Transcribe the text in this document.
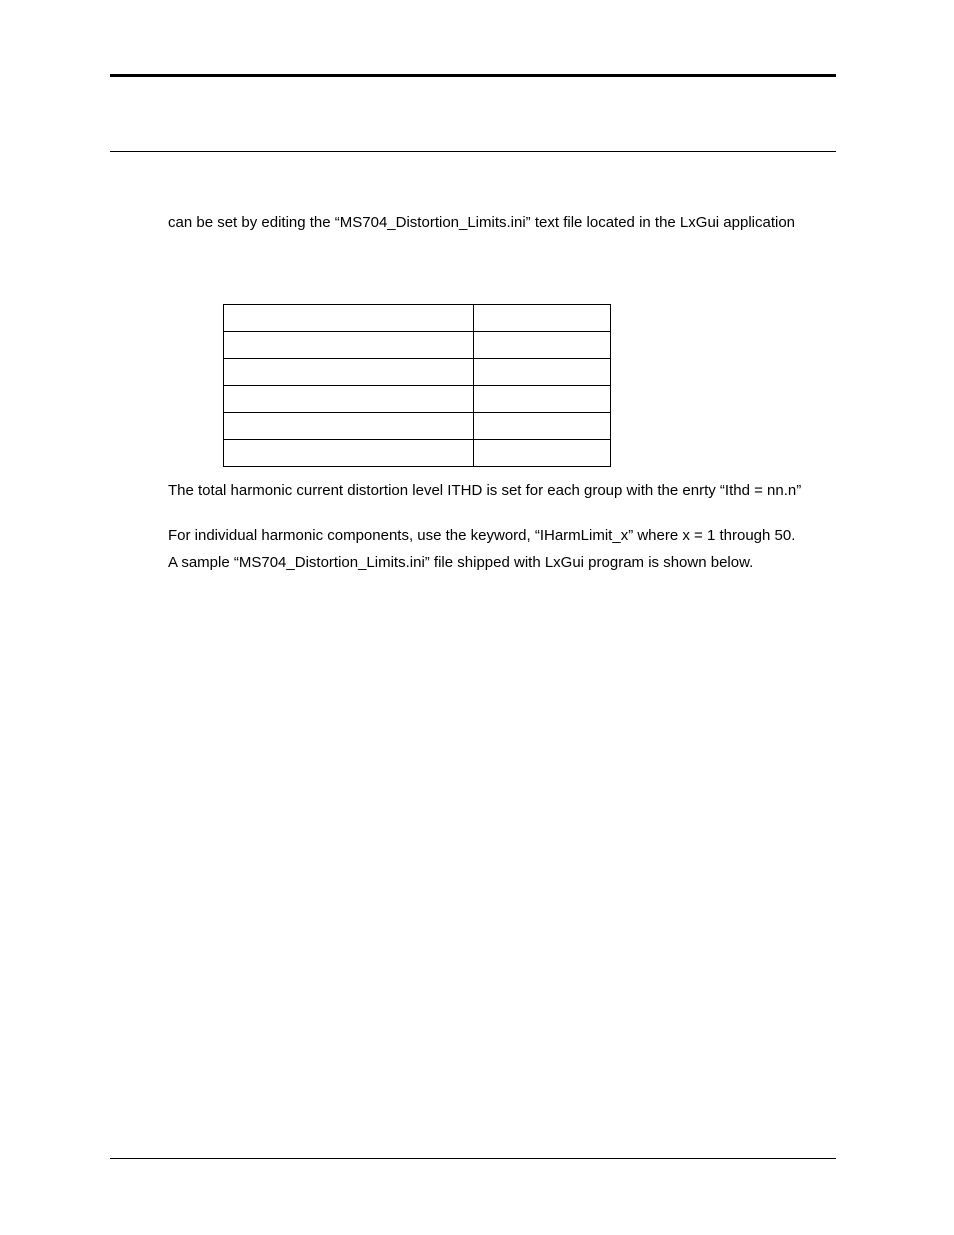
can be set by editing the “MS704_Distortion_Limits.ini” text file located in the LxGui application

The total harmonic current distortion level ITHD is set for each group with the enrty “Ithd = nn.n”
For individual harmonic components, use the keyword, “IHarmLimit_x” where x = 1 through 50.
A sample “MS704_Distortion_Limits.ini” file shipped with LxGui program is shown below.
